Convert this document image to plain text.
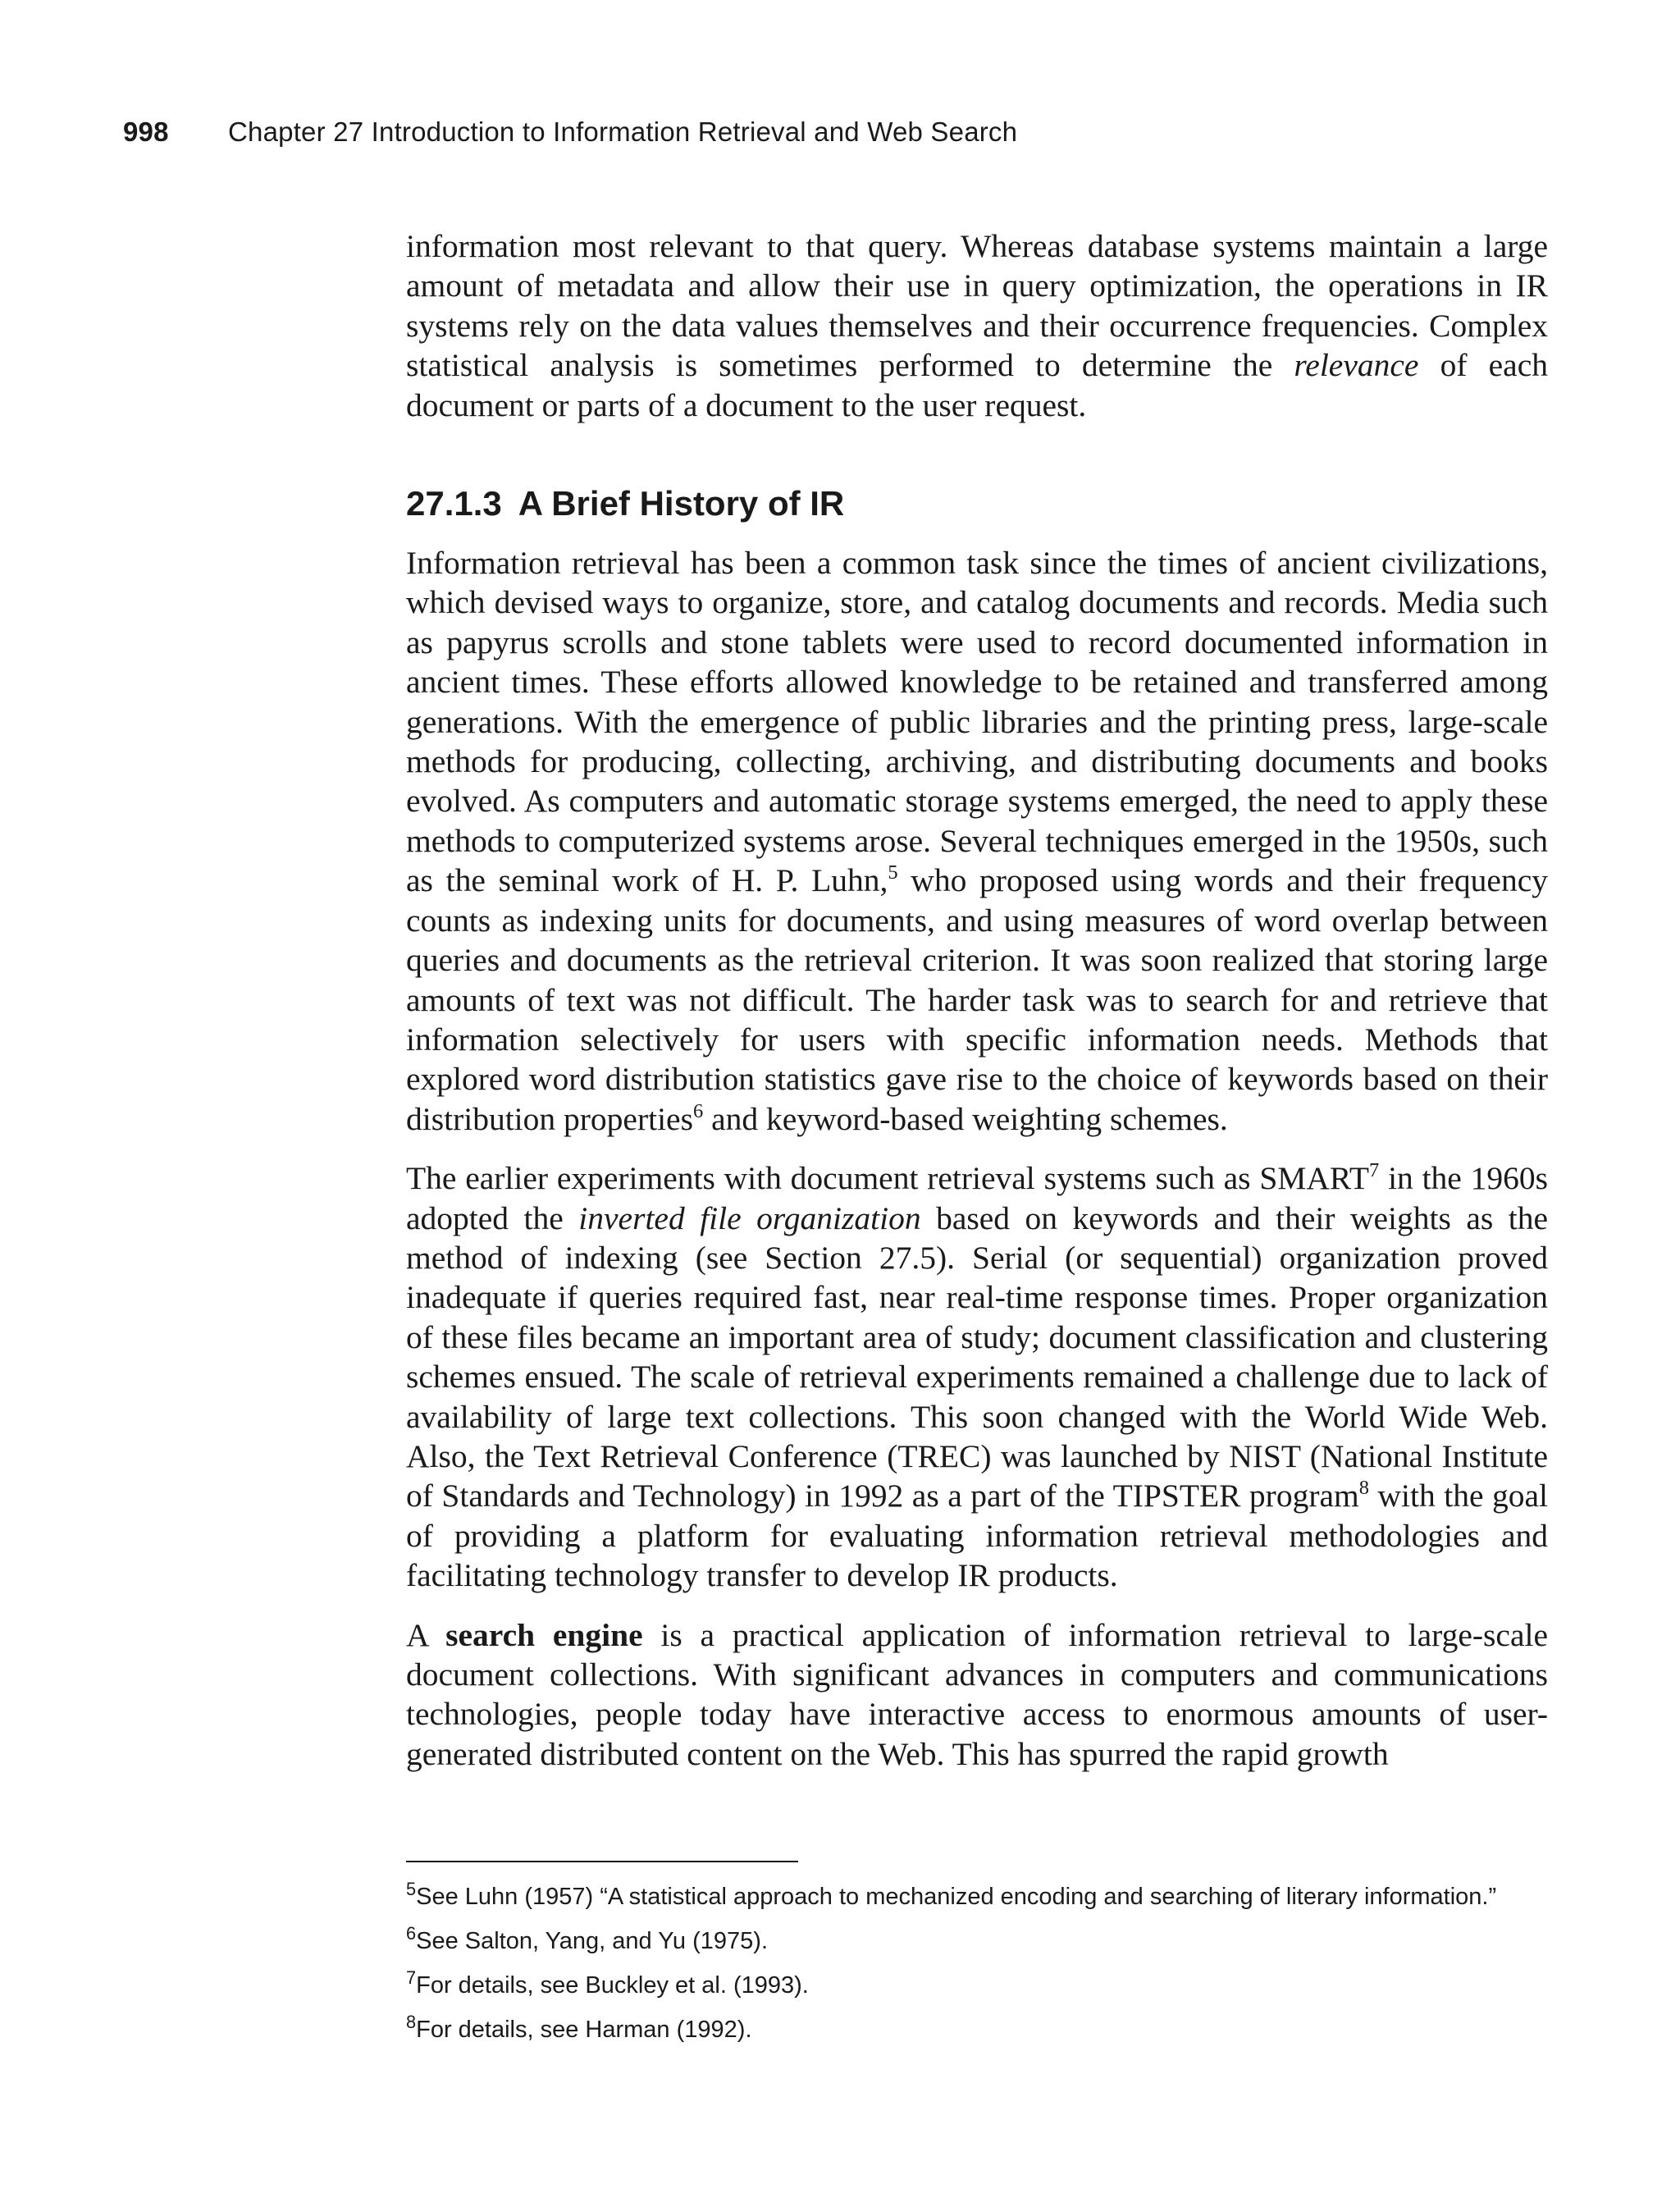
998 Chapter 27 Introduction to Information Retrieval and Web Search

information most relevant to that query. Whereas database systems maintain a large amount of metadata and allow their use in query optimization, the operations in IR systems rely on the data values themselves and their occurrence frequencies. Complex statistical analysis is sometimes performed to determine the relevance of each document or parts of a document to the user request.

27.1.3 A Brief History of IR

Information retrieval has been a common task since the times of ancient civilizations, which devised ways to organize, store, and catalog documents and records. Media such as papyrus scrolls and stone tablets were used to record documented information in ancient times. These efforts allowed knowledge to be retained and transferred among generations. With the emergence of public libraries and the printing press, large-scale methods for producing, collecting, archiving, and distributing documents and books evolved. As computers and automatic storage systems emerged, the need to apply these methods to computerized systems arose. Several techniques emerged in the 1950s, such as the seminal work of H. P. Luhn,$^5$ who proposed using words and their frequency counts as indexing units for documents, and using measures of word overlap between queries and documents as the retrieval criterion. It was soon realized that storing large amounts of text was not difficult. The harder task was to search for and retrieve that information selectively for users with specific information needs. Methods that explored word distribution statistics gave rise to the choice of keywords based on their distribution properties$^6$ and keyword-based weighting schemes.

The earlier experiments with document retrieval systems such as SMART$^7$ in the 1960s adopted the inverted file organization based on keywords and their weights as the method of indexing (see Section 27.5). Serial (or sequential) organization proved inadequate if queries required fast, near real-time response times. Proper organization of these files became an important area of study; document classification and clustering schemes ensued. The scale of retrieval experiments remained a challenge due to lack of availability of large text collections. This soon changed with the World Wide Web. Also, the Text Retrieval Conference (TREC) was launched by NIST (National Institute of Standards and Technology) in 1992 as a part of the TIPSTER program$^8$ with the goal of providing a platform for evaluating information retrieval methodologies and facilitating technology transfer to develop IR products.

A search engine is a practical application of information retrieval to large-scale document collections. With significant advances in computers and communications technologies, people today have interactive access to enormous amounts of user-generated distributed content on the Web. This has spurred the rapid growth

$^5$See Luhn (1957) “A statistical approach to mechanized encoding and searching of literary information.”
$^6$See Salton, Yang, and Yu (1975).
$^7$For details, see Buckley et al. (1993).
$^8$For details, see Harman (1992).
